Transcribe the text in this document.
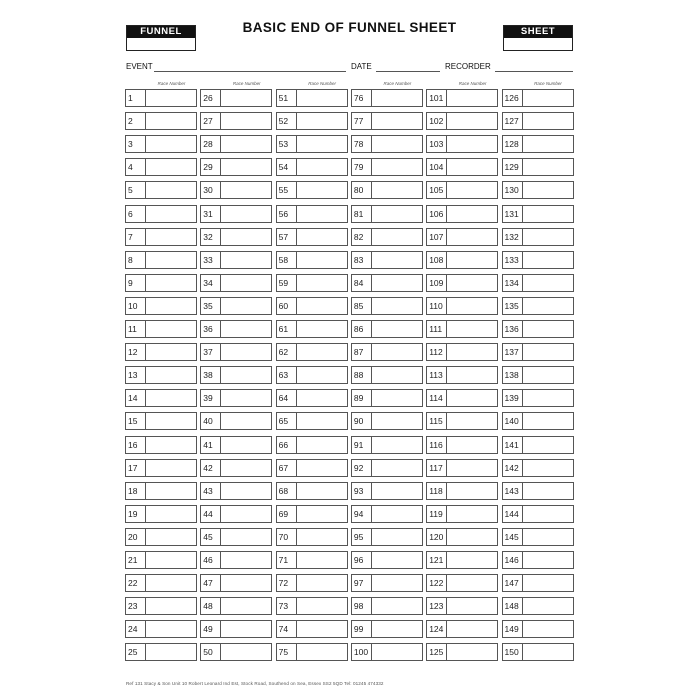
FUNNEL	BASIC END OF FUNNEL SHEET	SHEET
EVENT	DATE	RECORDER
Race Number
1
2
3
4
5
6
7
8
9
10
11
12
13
14
15
16
17
18
19
20
21
22
23
24
25
Race Number
26
27
28
29
30
31
32
33
34
35
36
37
38
39
40
41
42
43
44
45
46
47
48
49
50
Race Number
51
52
53
54
55
56
57
58
59
60
61
62
63
64
65
66
67
68
69
70
71
72
73
74
75
Race Number
76
77
78
79
80
81
82
83
84
85
86
87
88
89
90
91
92
93
94
95
96
97
98
99
100
Race Number
101
102
103
104
105
106
107
108
109
110
111
112
113
114
115
116
117
118
119
120
121
122
123
124
125
Race Number
126
127
128
129
130
131
132
133
134
135
136
137
138
139
140
141
142
143
144
145
146
147
148
149
150
Ref 131 Stacy & Son Unit 10 Robert Leonard Ind Est, Stock Road, Southend on Sea, Essex SS2 5QD Tel: 01245 474332
